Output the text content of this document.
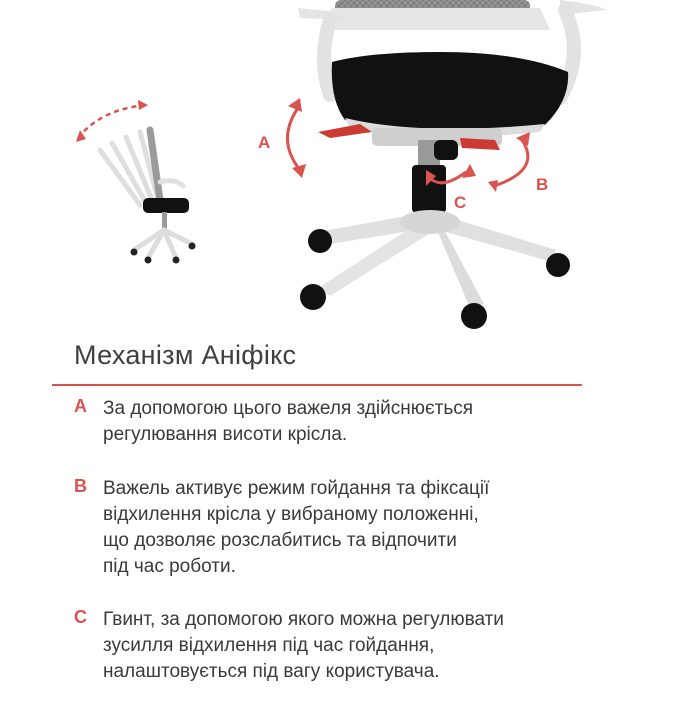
A
B
C
Механізм Аніфікс
A За допомогою цього важеля здійснюється
регулювання висоти крісла.
B Важель активує режим гойдання та фіксації
відхилення крісла у вибраному положенні,
що дозволяє розслабитись та відпочити
під час роботи.
C Гвинт, за допомогою якого можна регулювати
зусилля відхилення під час гойдання,
налаштовується під вагу користувача.
